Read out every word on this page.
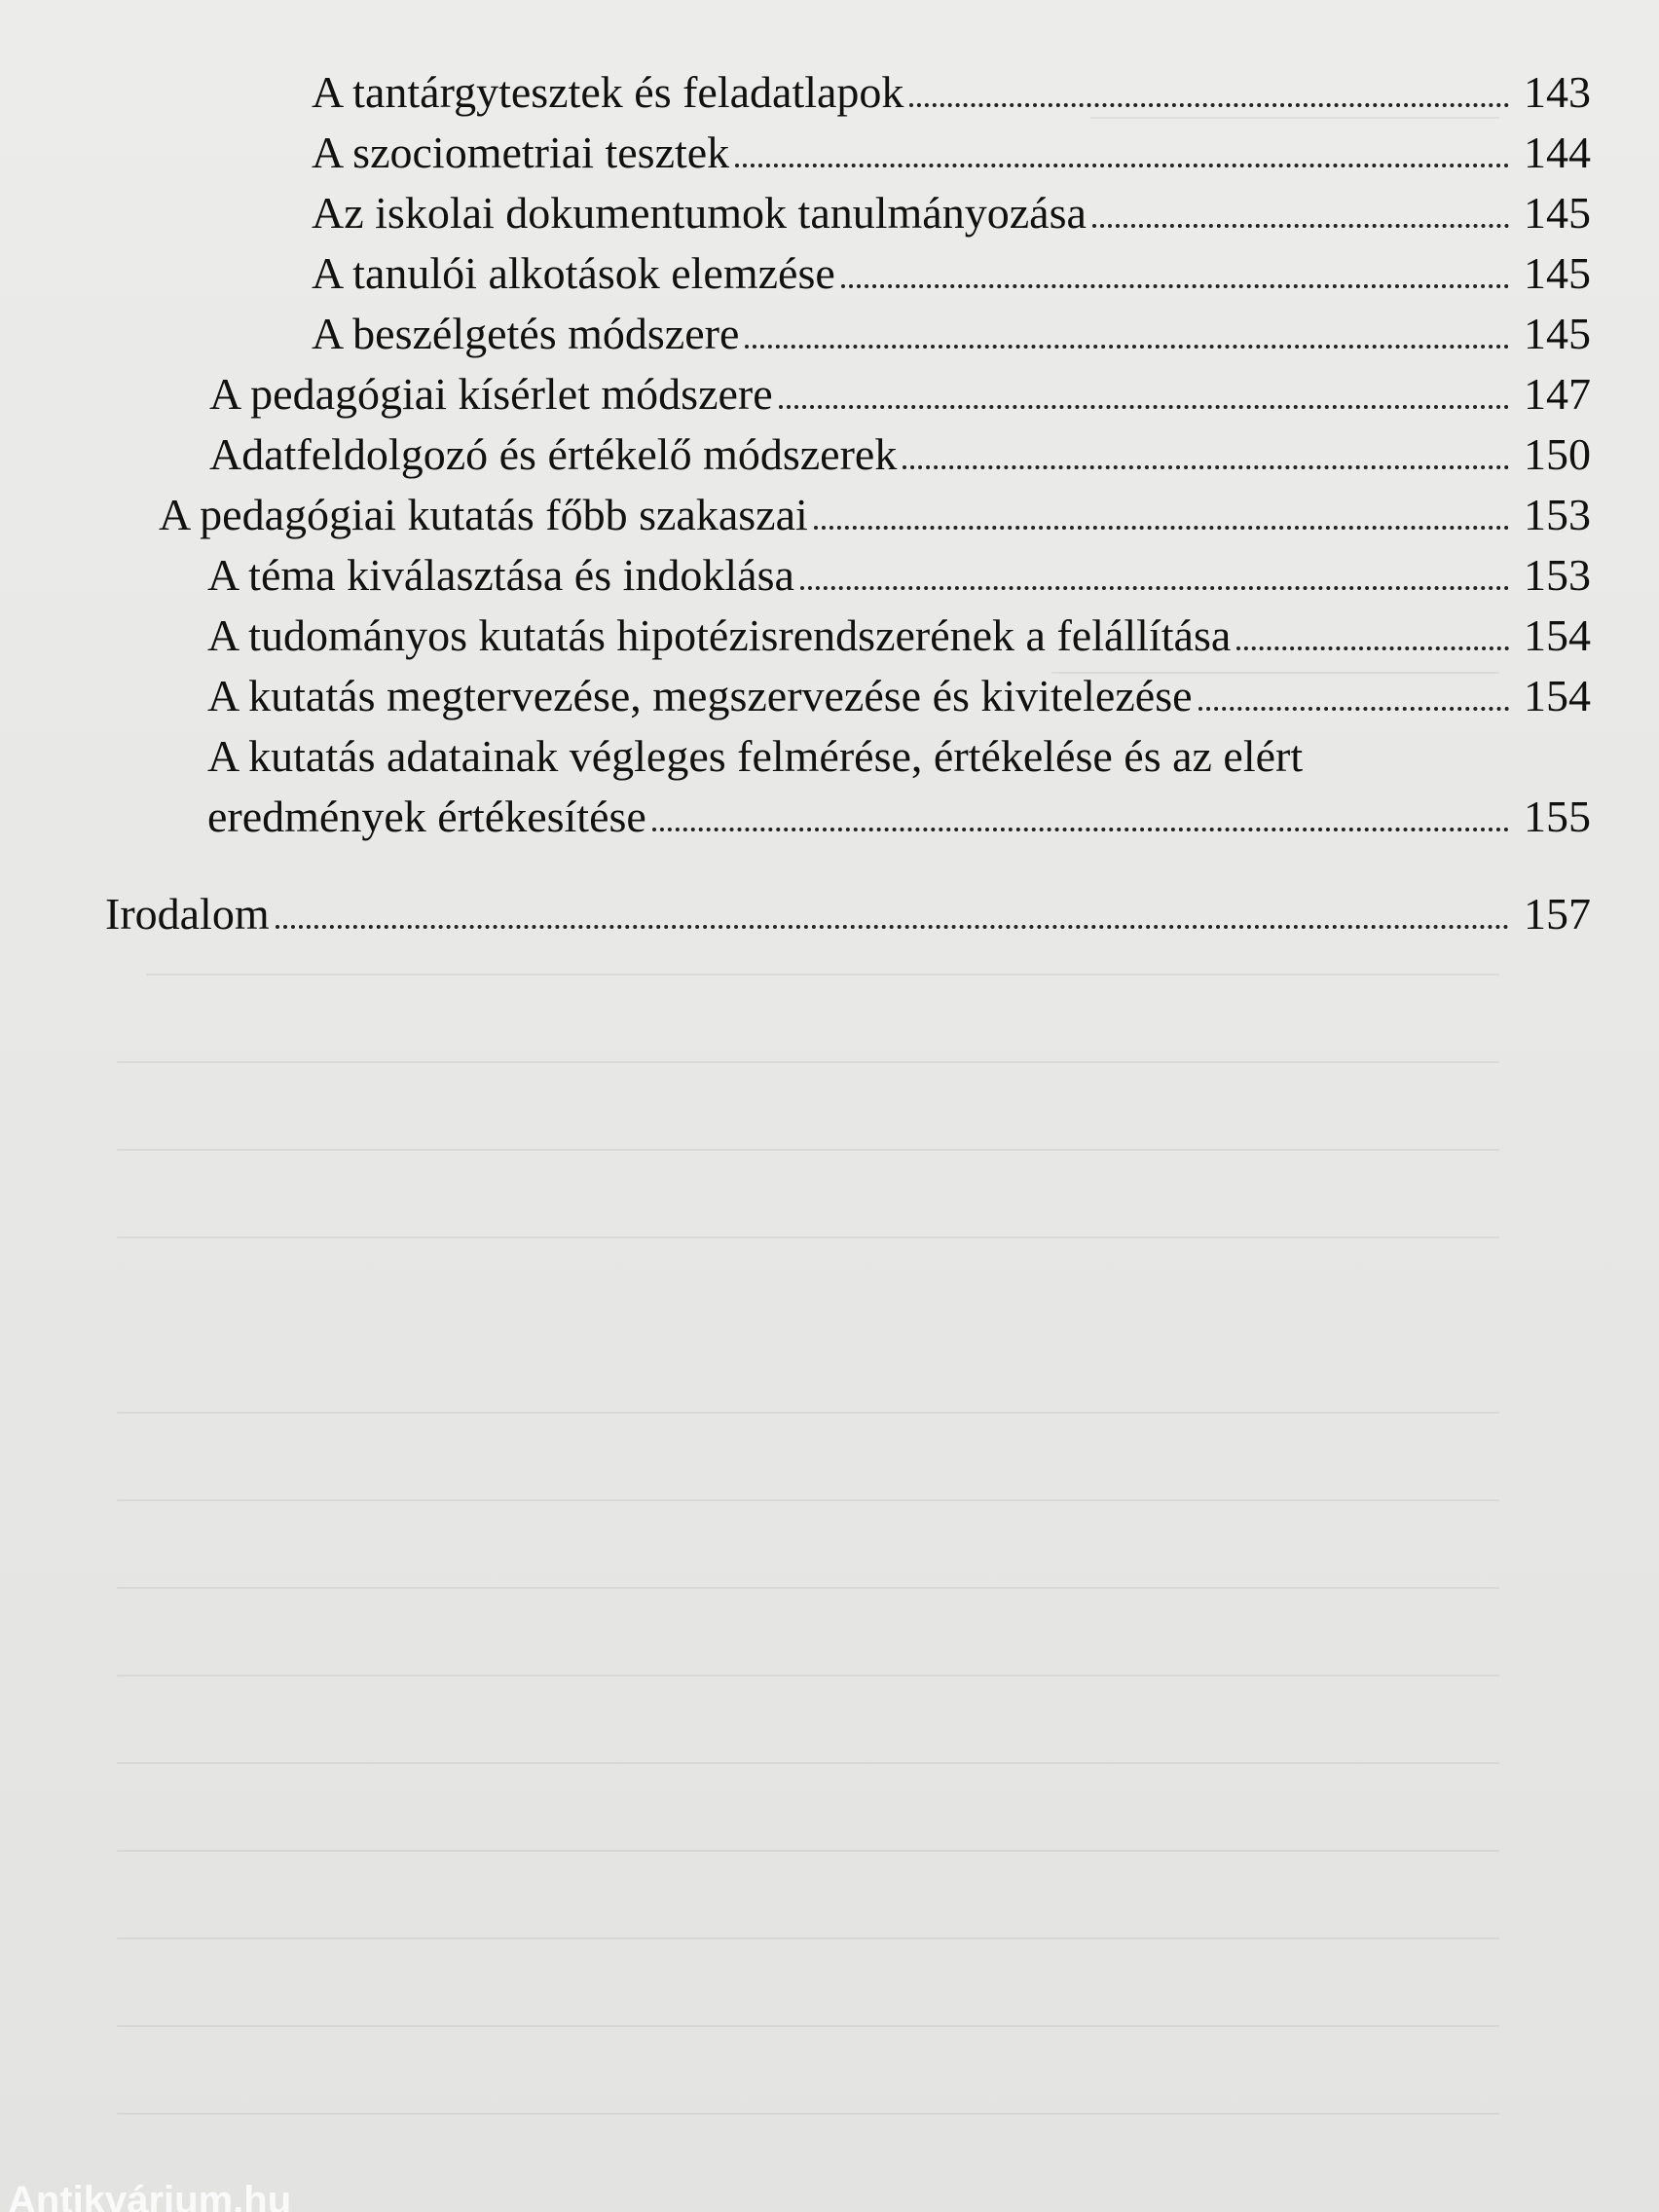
A tantárgytesztek és feladatlapok	143
A szociometriai tesztek	144
Az iskolai dokumentumok tanulmányozása	145
A tanulói alkotások elemzése	145
A beszélgetés módszere	145
A pedagógiai kísérlet módszere	147
Adatfeldolgozó és értékelő módszerek	150
A pedagógiai kutatás főbb szakaszai	153
A téma kiválasztása és indoklása	153
A tudományos kutatás hipotézisrendszerének a felállítása	154
A kutatás megtervezése, megszervezése és kivitelezése	154
A kutatás adatainak végleges felmérése, értékelése és az elért
eredmények értékesítése	155
Irodalom	157
Antikvárium.hu
